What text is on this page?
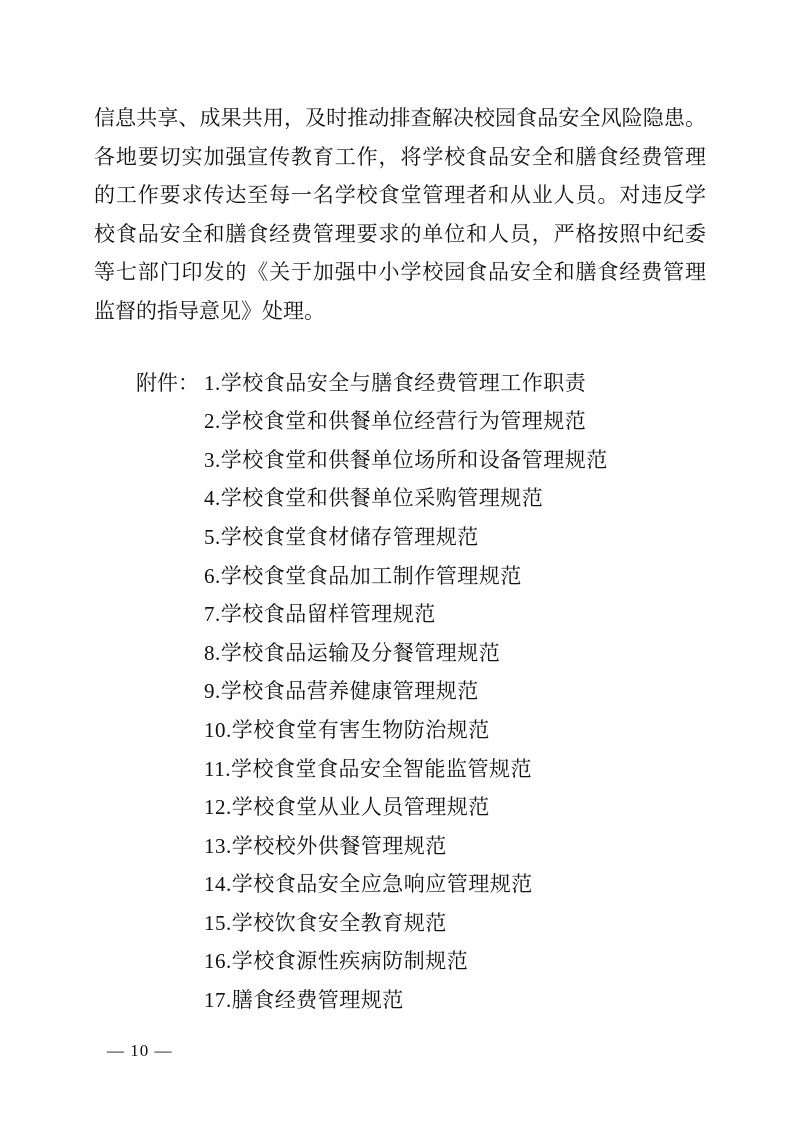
信息共享、成果共用，及时推动排查解决校园食品安全风险隐患。
各地要切实加强宣传教育工作，将学校食品安全和膳食经费管理
的工作要求传达至每一名学校食堂管理者和从业人员。对违反学
校食品安全和膳食经费管理要求的单位和人员，严格按照中纪委
等七部门印发的《关于加强中小学校园食品安全和膳食经费管理
监督的指导意见》处理。
附件： 1.学校食品安全与膳食经费管理工作职责
2.学校食堂和供餐单位经营行为管理规范
3.学校食堂和供餐单位场所和设备管理规范
4.学校食堂和供餐单位采购管理规范
5.学校食堂食材储存管理规范
6.学校食堂食品加工制作管理规范
7.学校食品留样管理规范
8.学校食品运输及分餐管理规范
9.学校食品营养健康管理规范
10.学校食堂有害生物防治规范
11.学校食堂食品安全智能监管规范
12.学校食堂从业人员管理规范
13.学校校外供餐管理规范
14.学校食品安全应急响应管理规范
15.学校饮食安全教育规范
16.学校食源性疾病防制规范
17.膳食经费管理规范
— 10 —
